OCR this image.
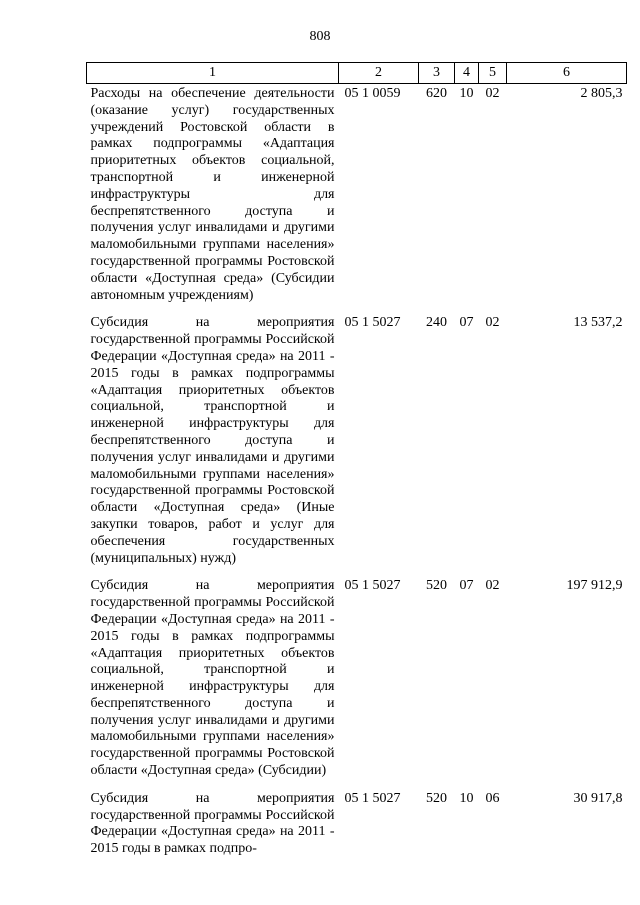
808
1	2	3	4	5	6
Расходы на обеспечение деятельности (оказание услуг) государственных учреждений Ростовской области в рамках подпрограммы «Адаптация приоритетных объектов социальной, транспортной и инженерной инфраструктуры для беспрепятственного доступа и получения услуг инвалидами и другими маломобильными группами населения» государственной программы Ростовской области «Доступная среда» (Субсидии автономным учреждениям)	05 1 0059	620	10	02	2 805,3
Субсидия на мероприятия государственной программы Российской Федерации «Доступная среда» на 2011 - 2015 годы в рамках подпрограммы «Адаптация приоритетных объектов социальной, транспортной и инженерной инфраструктуры для беспрепятственного доступа и получения услуг инвалидами и другими маломобильными группами населения» государственной программы Ростовской области «Доступная среда» (Иные закупки товаров, работ и услуг для обеспечения государственных (муниципальных) нужд)	05 1 5027	240	07	02	13 537,2
Субсидия на мероприятия государственной программы Российской Федерации «Доступная среда» на 2011 - 2015 годы в рамках подпрограммы «Адаптация приоритетных объектов социальной, транспортной и инженерной инфраструктуры для беспрепятственного доступа и получения услуг инвалидами и другими маломобильными группами населения» государственной программы Ростовской области «Доступная среда» (Субсидии)	05 1 5027	520	07	02	197 912,9
Субсидия на мероприятия государственной программы Российской Федерации «Доступная среда» на 2011 - 2015 годы в рамках подпро-	05 1 5027	520	10	06	30 917,8
